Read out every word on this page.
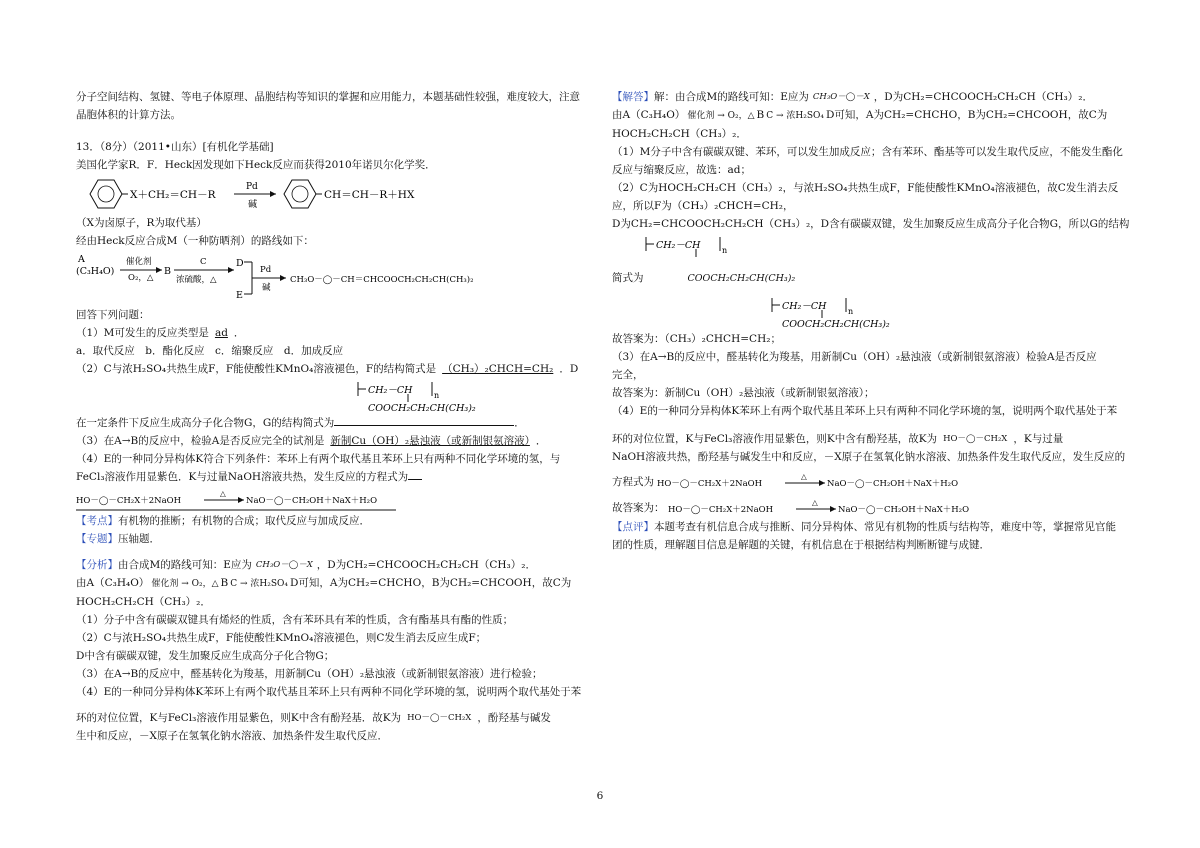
分子空间结构、氢键、等电子体原理、晶胞结构等知识的掌握和应用能力，本题基础性较强，难度较大，注意
晶胞体积的计算方法。
13．（8分）（2011•山东）[有机化学基础]
美国化学家R．F．Heck因发现如下Heck反应而获得2010年诺贝尔化学奖．
X＋CH₂＝CH－R
Pd
碱
CH＝CH－R＋HX
（X为卤原子，R为取代基）
经由Heck反应合成M（一种防晒剂）的路线如下：
A
(C₃H₄O)
催化剂
O₂，△
B
C
浓硫酸，△
D
E
Pd
碱
CH₃O－◯－CH＝CHCOOCH₂CH₂CH(CH₃)₂
回答下列问题：
（1）M可发生的反应类型是 ad ．
a．取代反应　b．酯化反应　c．缩聚反应　d．加成反应
（2）C与浓H₂SO₄共热生成F，F能使酸性KMnO₄溶液褪色，F的结构简式是 （CH₃）₂CHCH=CH₂ ．D
CH₂－CH	n
COOCH₂CH₂CH(CH₃)₂
在一定条件下反应生成高分子化合物G，G的结构简式为	．
（3）在A→B的反应中，检验A是否反应完全的试剂是 新制Cu（OH）₂悬浊液（或新制银氨溶液） ．
（4）E的一种同分异构体K符合下列条件：苯环上有两个取代基且苯环上只有两种不同化学环境的氢，与
FeCl₃溶液作用显紫色．K与过量NaOH溶液共热，发生反应的方程式为
HO－◯－CH₂X＋2NaOH
△
NaO－◯－CH₂OH＋NaX＋H₂O
【考点】有机物的推断；有机物的合成；取代反应与加成反应．
【专题】压轴题．
【分析】由合成M的路线可知：E应为 CH₃O－◯－X ，D为CH₂=CHCOOCH₂CH₂CH（CH₃）₂．
由A（C₃H₄O） 催化剂 → O₂，△ B C → 浓H₂SO₄ D可知，A为CH₂=CHCHO，B为CH₂=CHCOOH，故C为
HOCH₂CH₂CH（CH₃）₂．
（1）分子中含有碳碳双键具有烯烃的性质，含有苯环具有苯的性质，含有酯基具有酯的性质；
（2）C与浓H₂SO₄共热生成F，F能使酸性KMnO₄溶液褪色，则C发生消去反应生成F；
D中含有碳碳双键，发生加聚反应生成高分子化合物G；
（3）在A→B的反应中，醛基转化为羧基，用新制Cu（OH）₂悬浊液（或新制银氨溶液）进行检验；
（4）E的一种同分异构体K苯环上有两个取代基且苯环上只有两种不同化学环境的氢，说明两个取代基处于苯
环的对位位置，K与FeCl₃溶液作用显紫色，则K中含有酚羟基．故K为 HO－◯－CH₂X ，酚羟基与碱发
生中和反应，－X原子在氢氧化钠水溶液、加热条件发生取代反应．
【解答】解：由合成M的路线可知：E应为 CH₃O－◯－X ，D为CH₂=CHCOOCH₂CH₂CH（CH₃）₂．
由A（C₃H₄O） 催化剂 → O₂，△ B C → 浓H₂SO₄ D可知，A为CH₂=CHCHO，B为CH₂=CHCOOH，故C为
HOCH₂CH₂CH（CH₃）₂．
（1）M分子中含有碳碳双键、苯环，可以发生加成反应；含有苯环、酯基等可以发生取代反应，不能发生酯化
反应与缩聚反应，故选：ad；
（2）C为HOCH₂CH₂CH（CH₃）₂，与浓H₂SO₄共热生成F，F能使酸性KMnO₄溶液褪色，故C发生消去反
应，所以F为（CH₃）₂CHCH=CH₂，
D为CH₂=CHCOOCH₂CH₂CH（CH₃）₂，D含有碳碳双键，发生加聚反应生成高分子化合物G，所以G的结构
CH₂－CH	n
简式为	COOCH₂CH₂CH(CH₃)₂
CH₂－CH	n
COOCH₂CH₂CH(CH₃)₂
故答案为：（CH₃）₂CHCH=CH₂；
（3）在A→B的反应中，醛基转化为羧基，用新制Cu（OH）₂悬浊液（或新制银氨溶液）检验A是否反应
完全，
故答案为：新制Cu（OH）₂悬浊液（或新制银氨溶液）；
（4）E的一种同分异构体K苯环上有两个取代基且苯环上只有两种不同化学环境的氢，说明两个取代基处于苯
环的对位位置，K与FeCl₃溶液作用显紫色，则K中含有酚羟基，故K为 HO－◯－CH₂X ，K与过量
NaOH溶液共热，酚羟基与碱发生中和反应，－X原子在氢氧化钠水溶液、加热条件发生取代反应，发生反应的
方程式为 HO－◯－CH₂X＋2NaOH
△
NaO－◯－CH₂OH＋NaX＋H₂O
故答案为： HO－◯－CH₂X＋2NaOH
△
NaO－◯－CH₂OH＋NaX＋H₂O
【点评】本题考查有机信息合成与推断、同分异构体、常见有机物的性质与结构等，难度中等，掌握常见官能
团的性质，理解题目信息是解题的关键，有机信息在于根据结构判断断键与成键．
6
